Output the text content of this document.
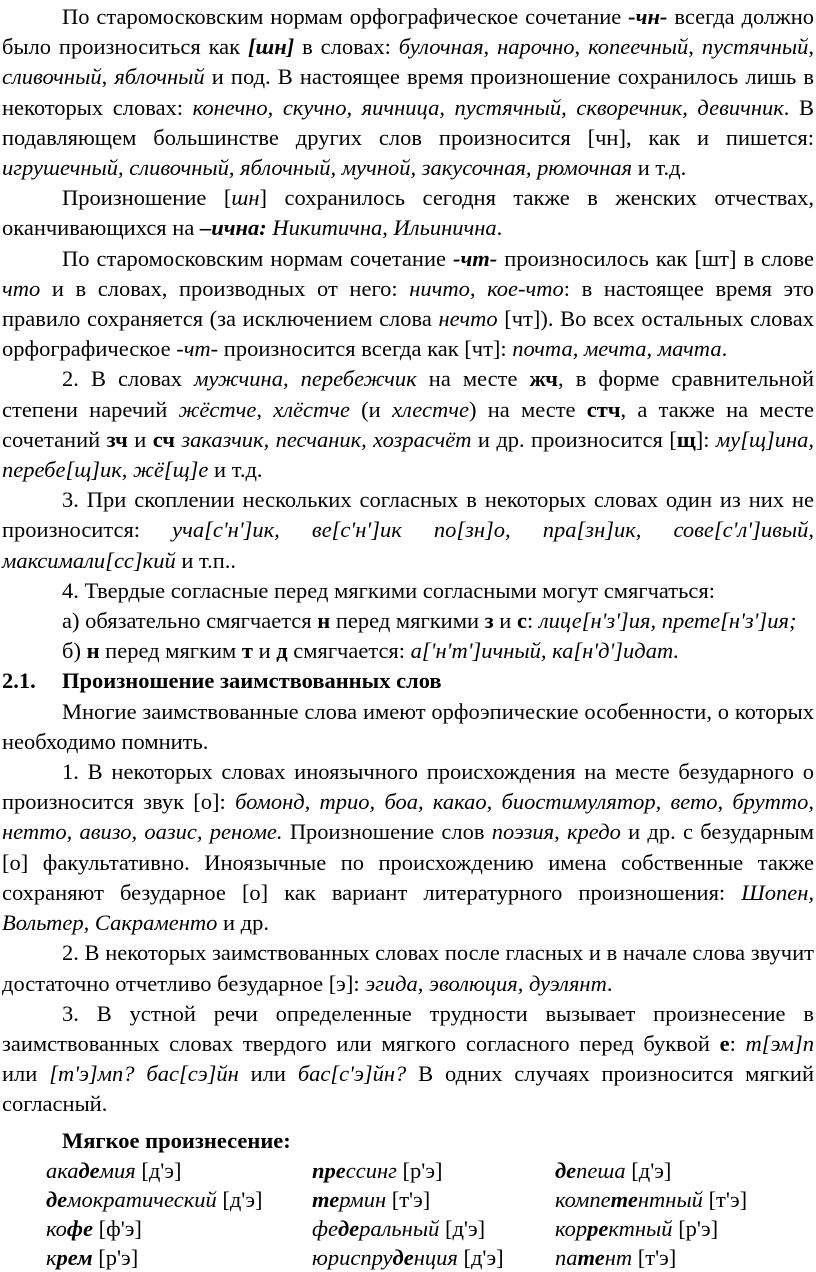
По старомосковским нормам орфографическое сочетание -чн- всегда должно было произноситься как [шн] в словах: булочная, нарочно, копеечный, пустячный, сливочный, яблочный и под. В настоящее время произношение сохранилось лишь в некоторых словах: конечно, скучно, яичница, пустячный, скворечник, девичник. В подавляющем большинстве других слов произносится [чн], как и пишется: игрушечный, сливочный, яблочный, мучной, закусочная, рюмочная и т.д.

Произношение [шн] сохранилось сегодня также в женских отчествах, оканчивающихся на –ична: Никитична, Ильинична.

По старомосковским нормам сочетание -чт- произносилось как [шт] в слове что и в словах, производных от него: ничто, кое-что: в настоящее время это правило сохраняется (за исключением слова нечто [чт]). Во всех остальных словах орфографическое -чт- произносится всегда как [чт]: почта, мечта, мачта.

2. В словах мужчина, перебежчик на месте жч, в форме сравнительной степени наречий жёстче, хлёстче (и хлестче) на месте стч, а также на месте сочетаний зч и сч заказчик, песчаник, хозрасчёт и др. произносится [щ]: му[щ]ина, перебе[щ]ик, жё[щ]е и т.д.

3. При скоплении нескольких согласных в некоторых словах один из них не произносится: уча[с'н']ик, ве[с'н']ик по[зн]о, пра[зн]ик, сове[с'л']ивый, максимали[сс]кий и т.п..

4. Твердые согласные перед мягкими согласными могут смягчаться:

а) обязательно смягчается н перед мягкими з и с: лице[н'з']ия, прете[н'з']ия;

б) н перед мягким т и д смягчается: а['н'т']ичный, ка[н'д']идат.

2.1.	Произношение заимствованных слов

Многие заимствованные слова имеют орфоэпические особенности, о которых необходимо помнить.

1. В некоторых словах иноязычного происхождения на месте безударного о произносится звук [о]: бомонд, трио, боа, какао, биостимулятор, вето, брутто, нетто, авизо, оазис, реноме. Произношение слов поэзия, кредо и др. с безударным [о] факультативно. Иноязычные по происхождению имена собственные также сохраняют безударное [о] как вариант литературного произношения: Шопен, Вольтер, Сакраменто и др.

2. В некоторых заимствованных словах после гласных и в начале слова звучит достаточно отчетливо безударное [э]: эгида, эволюция, дуэлянт.

3. В устной речи определенные трудности вызывает произнесение в заимствованных словах твердого или мягкого согласного перед буквой е: т[эм]п или [т'э]мп? бас[сэ]йн или бас[с'э]йн? В одних случаях произносится мягкий согласный.

Мягкое произнесение:
академия [д'э]	прессинг [р'э]	депеша [д'э]
демократический [д'э]	термин [т'э]	компетентный [т'э]
кофе [ф'э]	федеральный [д'э]	корректный [р'э]
крем [р'э]	юриспруденция [д'э]	патент [т'э]
